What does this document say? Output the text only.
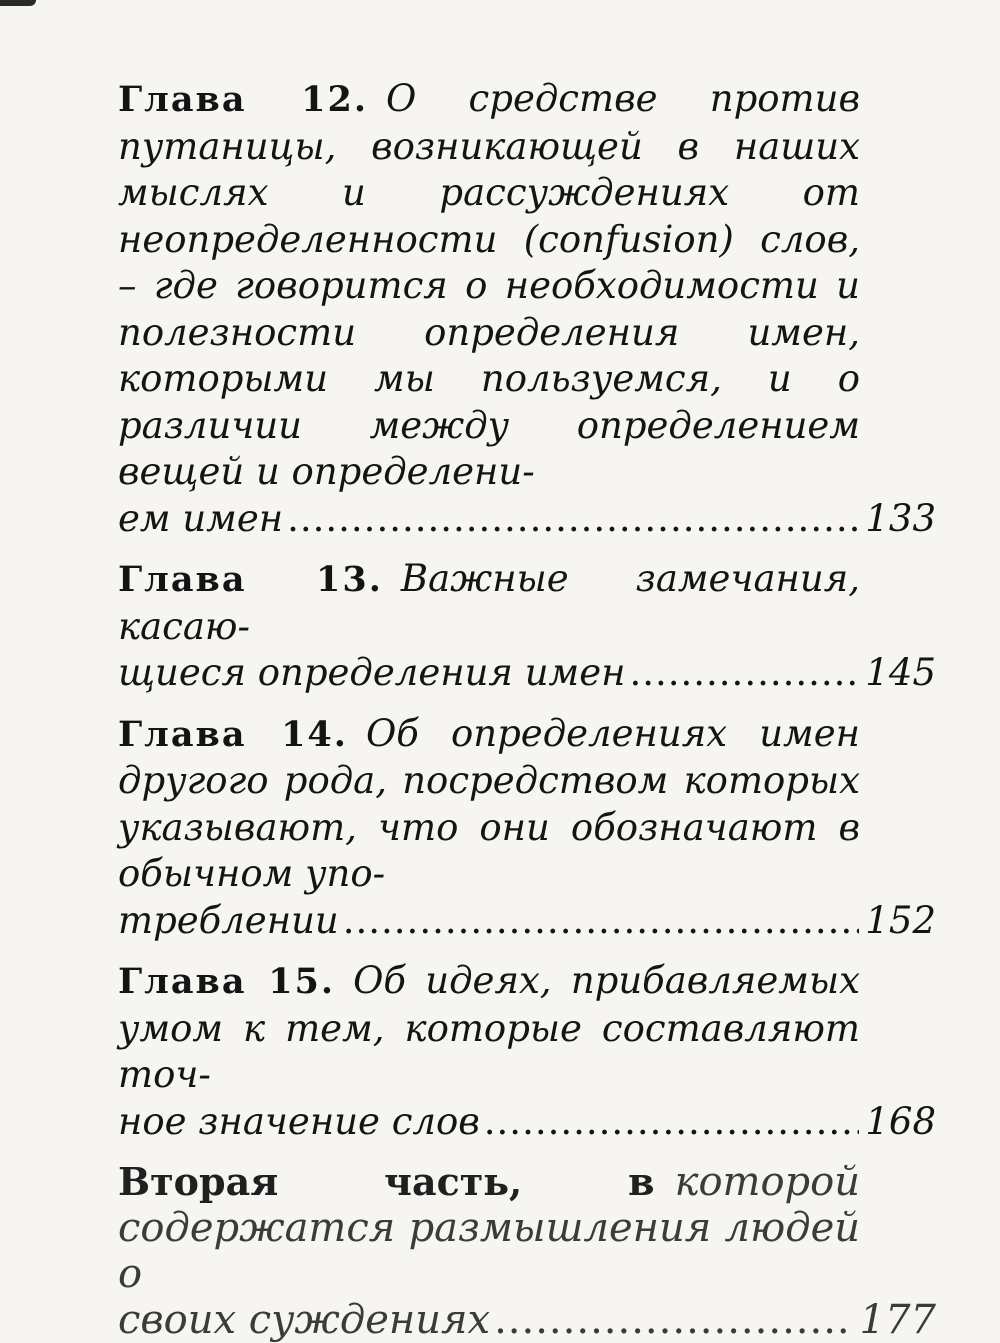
Глава 12. О средстве против путаницы, возникающей в наших мыслях и рассуждениях от неопределенности (confusion) слов, – где говорится о необходимости и полезности определения имен, которыми мы пользуемся, и о различии между определением вещей и определени-
ем имен .....	133
Глава 13. Важные замечания, касаю-
щиеся определения имен .....	145
Глава 14. Об определениях имен другого рода, посредством которых указывают, что они обозначают в обычном упо-
треблении .....	152
Глава 15. Об идеях, прибавляемых умом к тем, которые составляют точ-
ное значение слов .....	168
Вторая часть, в которой содержатся размышления людей о
своих суждениях .....	177
